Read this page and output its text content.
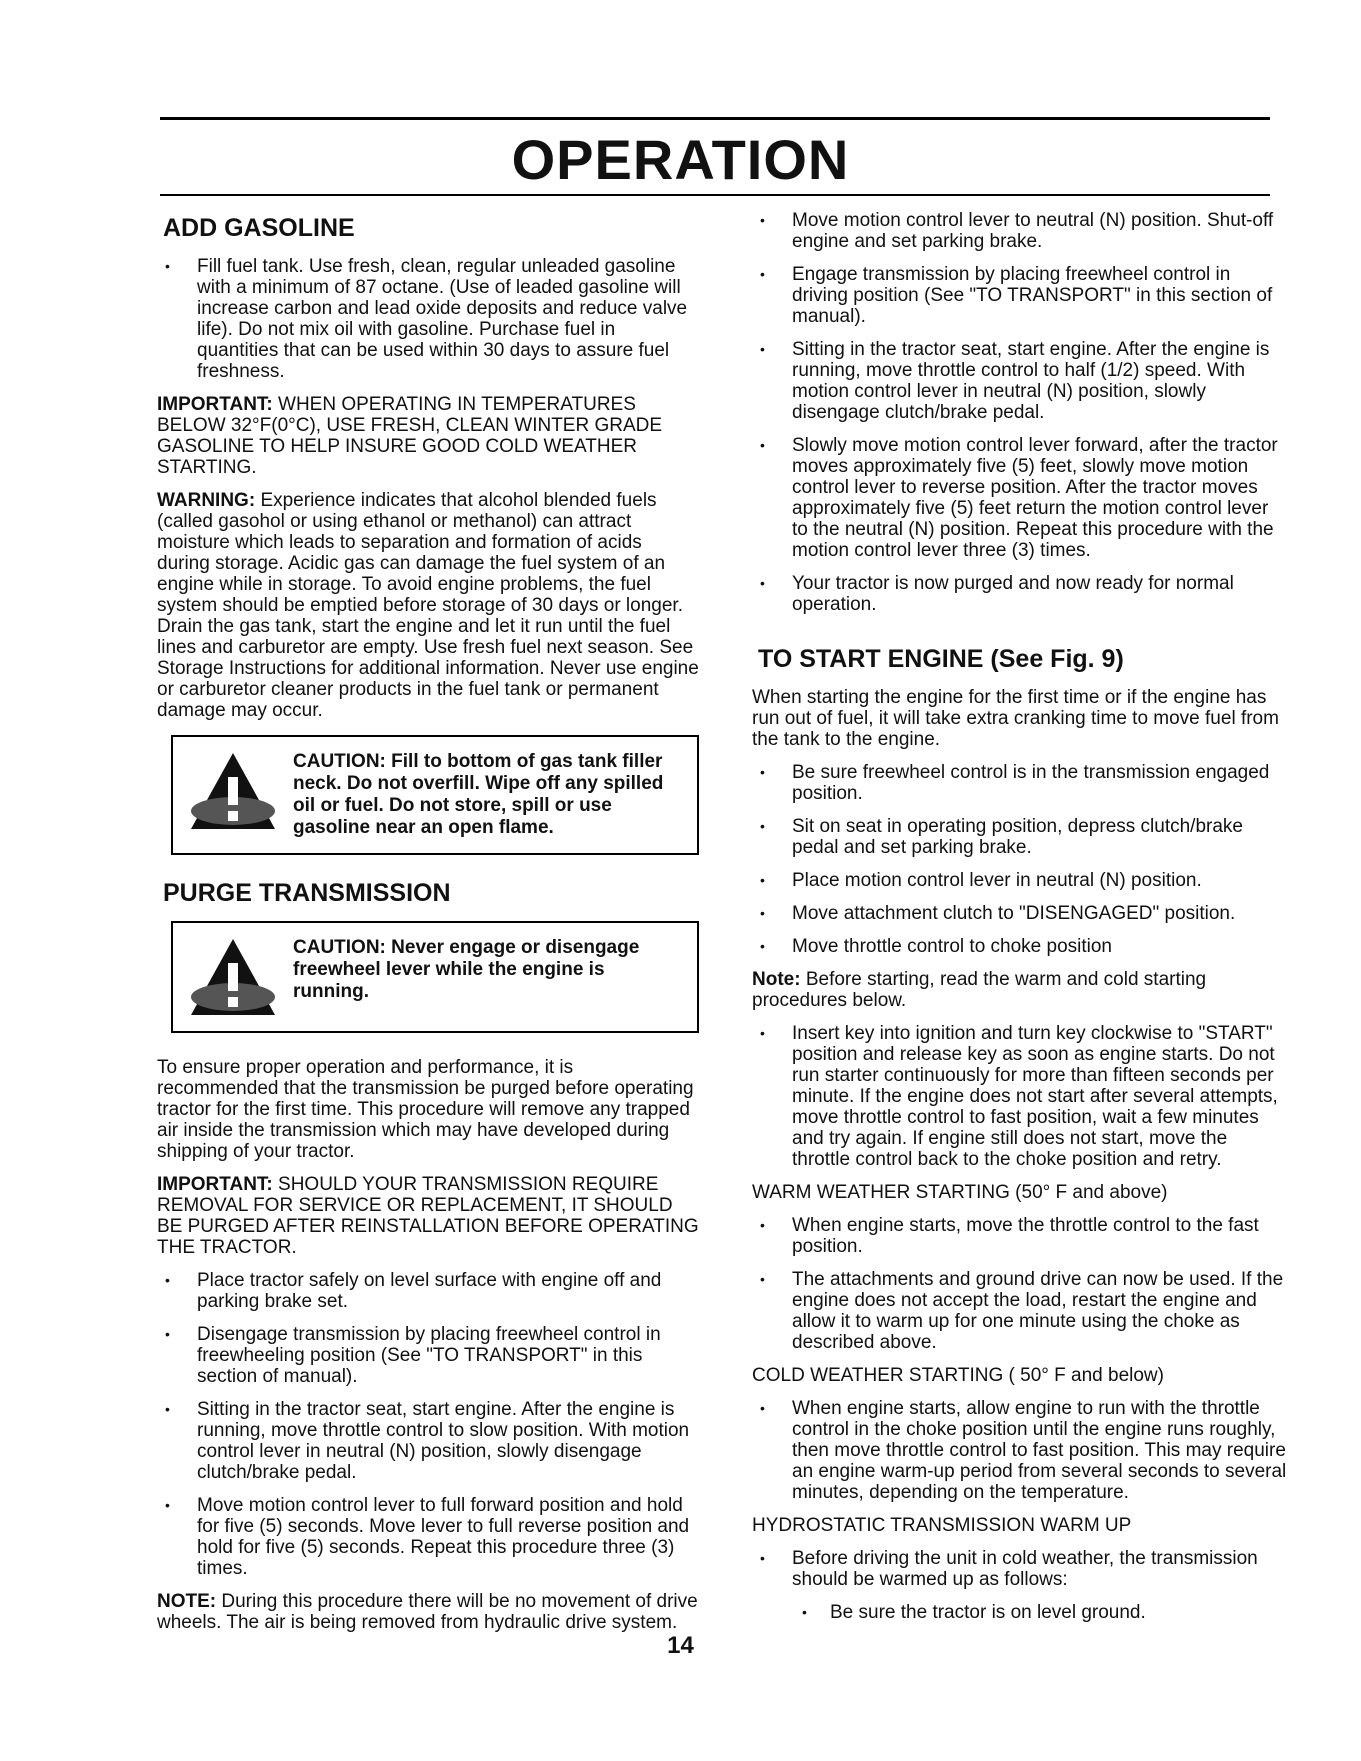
OPERATION
ADD GASOLINE
• Fill fuel tank. Use fresh, clean, regular unleaded gasoline with a minimum of 87 octane. (Use of leaded gasoline will increase carbon and lead oxide deposits and reduce valve life). Do not mix oil with gasoline. Purchase fuel in quantities that can be used within 30 days to assure fuel freshness.

IMPORTANT: WHEN OPERATING IN TEMPERATURES BELOW 32°F(0°C), USE FRESH, CLEAN WINTER GRADE GASOLINE TO HELP INSURE GOOD COLD WEATHER STARTING.

WARNING: Experience indicates that alcohol blended fuels (called gasohol or using ethanol or methanol) can attract moisture which leads to separation and formation of acids during storage. Acidic gas can damage the fuel system of an engine while in storage. To avoid engine problems, the fuel system should be emptied before storage of 30 days or longer. Drain the gas tank, start the engine and let it run until the fuel lines and carburetor are empty. Use fresh fuel next season. See Storage Instructions for additional information. Never use engine or carburetor cleaner products in the fuel tank or permanent damage may occur.

CAUTION: Fill to bottom of gas tank filler neck. Do not overfill. Wipe off any spilled oil or fuel. Do not store, spill or use gasoline near an open flame.
PURGE TRANSMISSION
CAUTION: Never engage or disengage freewheel lever while the engine is running.

To ensure proper operation and performance, it is recommended that the transmission be purged before operating tractor for the first time. This procedure will remove any trapped air inside the transmission which may have developed during shipping of your tractor.

IMPORTANT: SHOULD YOUR TRANSMISSION REQUIRE REMOVAL FOR SERVICE OR REPLACEMENT, IT SHOULD BE PURGED AFTER REINSTALLATION BEFORE OPERATING THE TRACTOR.

• Place tractor safely on level surface with engine off and parking brake set.
• Disengage transmission by placing freewheel control in freewheeling position (See "TO TRANSPORT" in this section of manual).
• Sitting in the tractor seat, start engine. After the engine is running, move throttle control to slow position. With motion control lever in neutral (N) position, slowly disengage clutch/brake pedal.
• Move motion control lever to full forward position and hold for five (5) seconds. Move lever to full reverse position and hold for five (5) seconds. Repeat this procedure three (3) times.

NOTE: During this procedure there will be no movement of drive wheels. The air is being removed from hydraulic drive system.

• Move motion control lever to neutral (N) position. Shut-off engine and set parking brake.
• Engage transmission by placing freewheel control in driving position (See "TO TRANSPORT" in this section of manual).
• Sitting in the tractor seat, start engine. After the engine is running, move throttle control to half (1/2) speed. With motion control lever in neutral (N) position, slowly disengage clutch/brake pedal.
• Slowly move motion control lever forward, after the tractor moves approximately five (5) feet, slowly move motion control lever to reverse position. After the tractor moves approximately five (5) feet return the motion control lever to the neutral (N) position. Repeat this procedure with the motion control lever three (3) times.
• Your tractor is now purged and now ready for normal operation.
TO START ENGINE (See Fig. 9)

When starting the engine for the first time or if the engine has run out of fuel, it will take extra cranking time to move fuel from the tank to the engine.

• Be sure freewheel control is in the transmission engaged position.
• Sit on seat in operating position, depress clutch/brake pedal and set parking brake.
• Place motion control lever in neutral (N) position.
• Move attachment clutch to "DISENGAGED" position.
• Move throttle control to choke position

Note: Before starting, read the warm and cold starting procedures below.

• Insert key into ignition and turn key clockwise to "START" position and release key as soon as engine starts. Do not run starter continuously for more than fifteen seconds per minute. If the engine does not start after several attempts, move throttle control to fast position, wait a few minutes and try again. If engine still does not start, move the throttle control back to the choke position and retry.

WARM WEATHER STARTING (50° F and above)

• When engine starts, move the throttle control to the fast position.
• The attachments and ground drive can now be used. If the engine does not accept the load, restart the engine and allow it to warm up for one minute using the choke as described above.

COLD WEATHER STARTING ( 50° F and below)

• When engine starts, allow engine to run with the throttle control in the choke position until the engine runs roughly, then move throttle control to fast position. This may require an engine warm-up period from several seconds to several minutes, depending on the temperature.

HYDROSTATIC TRANSMISSION WARM UP

• Before driving the unit in cold weather, the transmission should be warmed up as follows:
• Be sure the tractor is on level ground.
14
